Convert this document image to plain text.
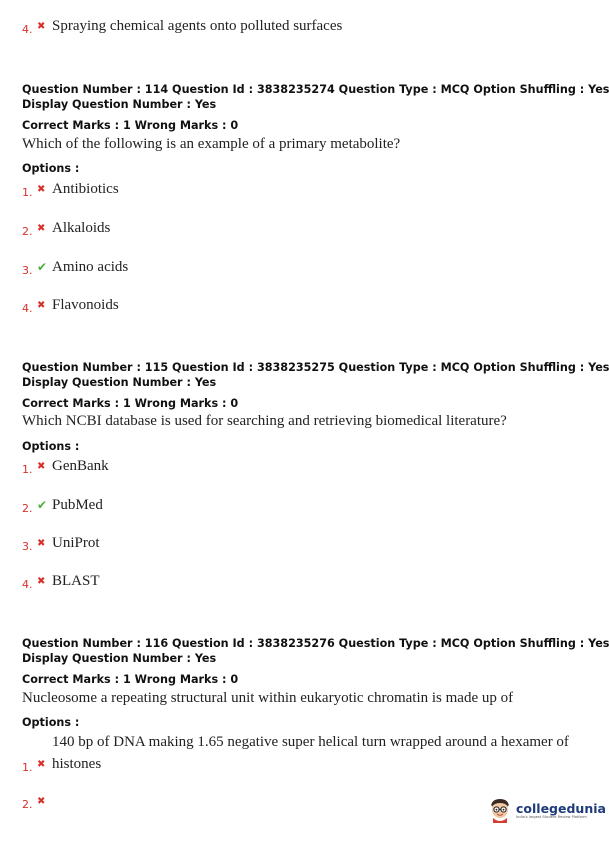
4. ✖ Spraying chemical agents onto polluted surfaces
Question Number : 114 Question Id : 3838235274 Question Type : MCQ Option Shuffling : Yes
Display Question Number : Yes
Correct Marks : 1 Wrong Marks : 0
Which of the following is an example of a primary metabolite?
Options :
1. ✖ Antibiotics
2. ✖ Alkaloids
3. ✔ Amino acids
4. ✖ Flavonoids
Question Number : 115 Question Id : 3838235275 Question Type : MCQ Option Shuffling : Yes
Display Question Number : Yes
Correct Marks : 1 Wrong Marks : 0
Which NCBI database is used for searching and retrieving biomedical literature?
Options :
1. ✖ GenBank
2. ✔ PubMed
3. ✖ UniProt
4. ✖ BLAST
Question Number : 116 Question Id : 3838235276 Question Type : MCQ Option Shuffling : Yes
Display Question Number : Yes
Correct Marks : 1 Wrong Marks : 0
Nucleosome a repeating structural unit within eukaryotic chromatin is made up of
Options :
140 bp of DNA making 1.65 negative super helical turn wrapped around a hexamer of
1. ✖ histones
2. ✖	collegedunia
India's largest Student Review Platform
